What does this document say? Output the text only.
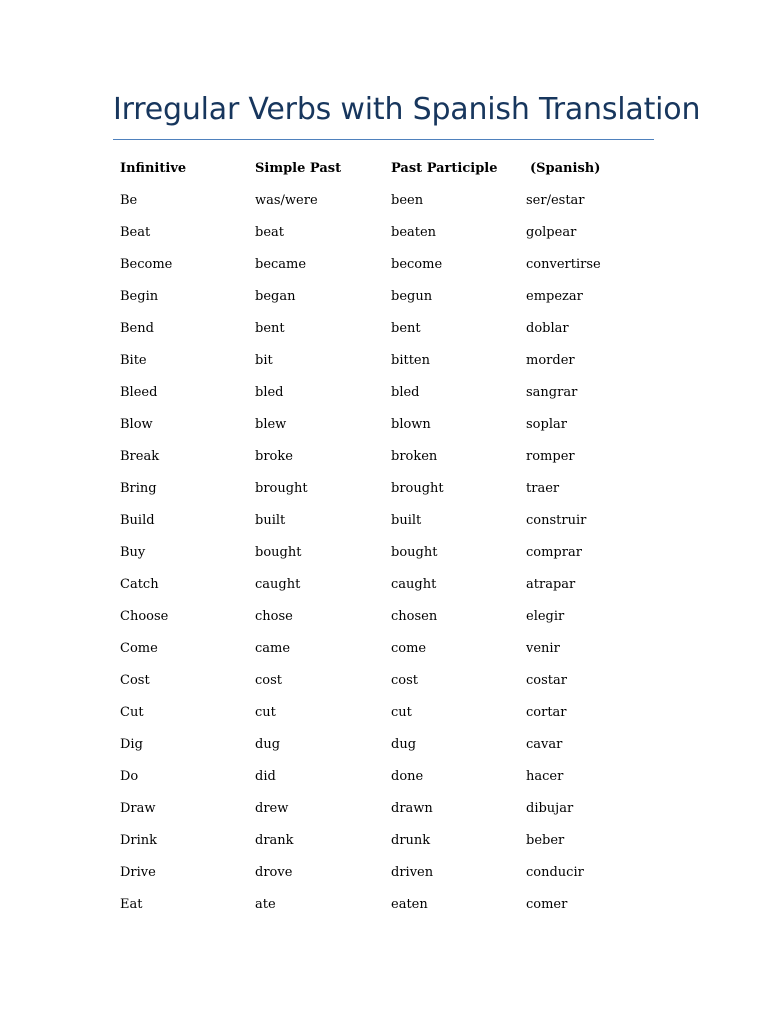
Irregular Verbs with Spanish Translation
Infinitive	Simple Past	Past Participle	(Spanish)
Be	was/were	been	ser/estar
Beat	beat	beaten	golpear
Become	became	become	convertirse
Begin	began	begun	empezar
Bend	bent	bent	doblar
Bite	bit	bitten	morder
Bleed	bled	bled	sangrar
Blow	blew	blown	soplar
Break	broke	broken	romper
Bring	brought	brought	traer
Build	built	built	construir
Buy	bought	bought	comprar
Catch	caught	caught	atrapar
Choose	chose	chosen	elegir
Come	came	come	venir
Cost	cost	cost	costar
Cut	cut	cut	cortar
Dig	dug	dug	cavar
Do	did	done	hacer
Draw	drew	drawn	dibujar
Drink	drank	drunk	beber
Drive	drove	driven	conducir
Eat	ate	eaten	comer
